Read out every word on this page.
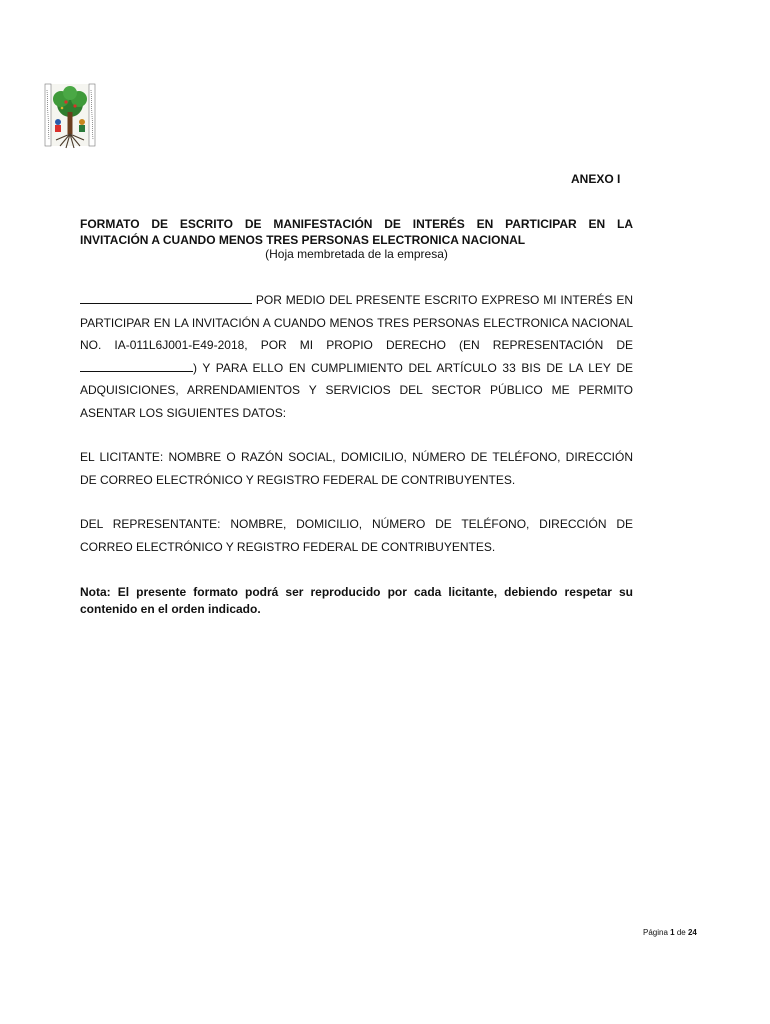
ANEXO I
FORMATO DE ESCRITO DE MANIFESTACIÓN DE INTERÉS EN PARTICIPAR EN LA
INVITACIÓN A CUANDO MENOS TRES PERSONAS ELECTRONICA NACIONAL
(Hoja membretada de la empresa)
POR MEDIO DEL PRESENTE ESCRITO EXPRESO MI INTERÉS EN PARTICIPAR EN LA INVITACIÓN A CUANDO MENOS TRES PERSONAS ELECTRONICA NACIONAL NO. IA-011L6J001-E49-2018, POR MI PROPIO DERECHO (EN REPRESENTACIÓN DE ) Y PARA ELLO EN CUMPLIMIENTO DEL ARTÍCULO 33 BIS DE LA LEY DE ADQUISICIONES, ARRENDAMIENTOS Y SERVICIOS DEL SECTOR PÚBLICO ME PERMITO ASENTAR LOS SIGUIENTES DATOS:
EL LICITANTE: NOMBRE O RAZÓN SOCIAL, DOMICILIO, NÚMERO DE TELÉFONO, DIRECCIÓN DE CORREO ELECTRÓNICO Y REGISTRO FEDERAL DE CONTRIBUYENTES.
DEL REPRESENTANTE: NOMBRE, DOMICILIO, NÚMERO DE TELÉFONO, DIRECCIÓN DE CORREO ELECTRÓNICO Y REGISTRO FEDERAL DE CONTRIBUYENTES.
Nota: El presente formato podrá ser reproducido por cada licitante, debiendo respetar su contenido en el orden indicado.
Página 1 de 24
